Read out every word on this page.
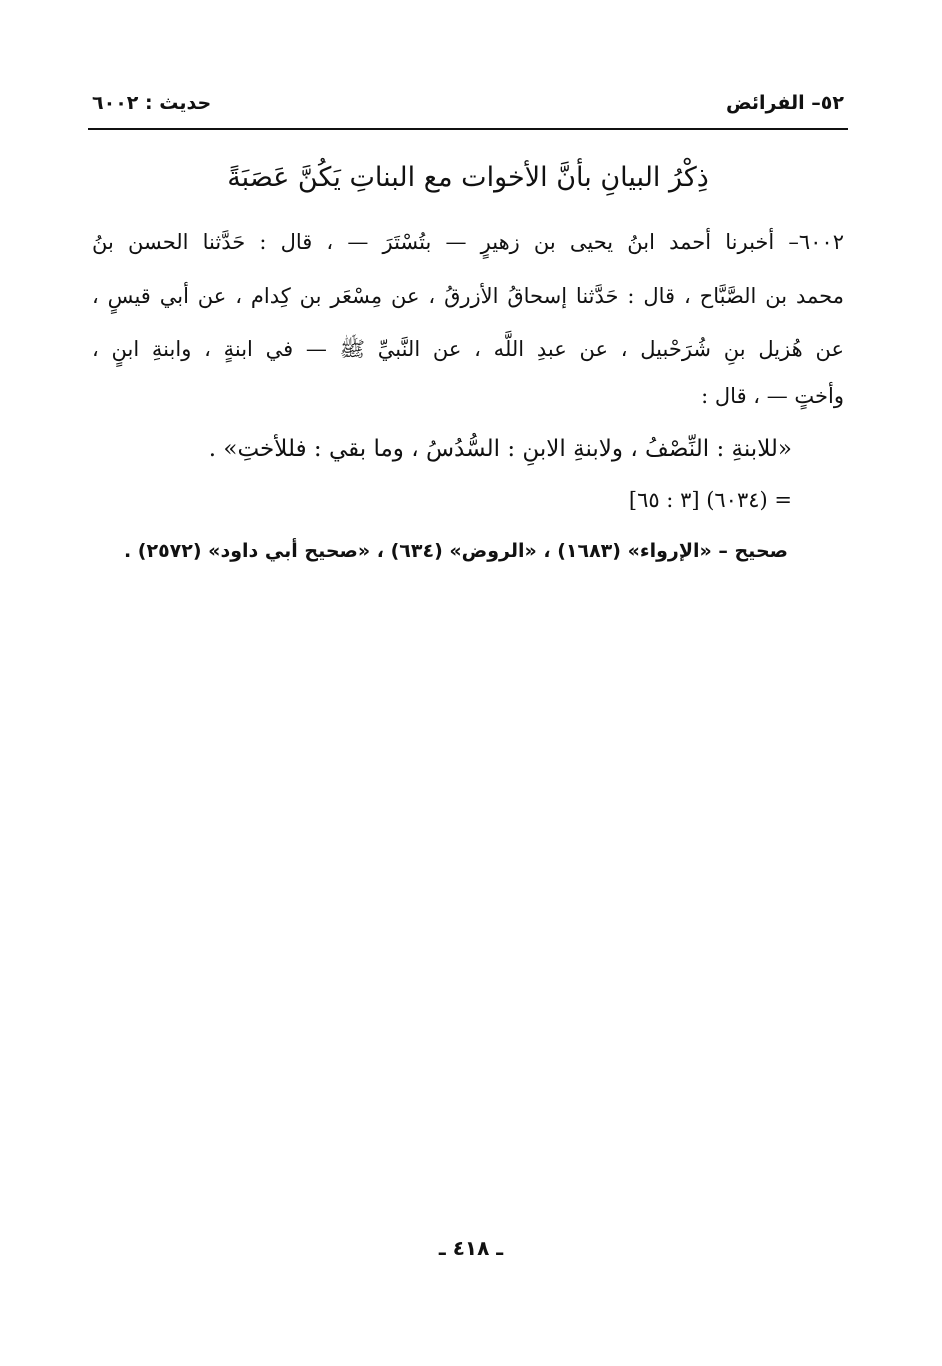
٥٢– الفرائض
حديث : ٦٠٠٢
ذِكْرُ البيانِ بأنَّ الأخوات مع البناتِ يَكُنَّ عَصَبَةً
٦٠٠٢– أخبرنا أحمد ابنُ يحيى بن زهيرٍ — بتُسْتَرَ — ، قال : حَدَّثنا الحسن بنُ
محمد بن الصَّبَّاح ، قال : حَدَّثنا إسحاقُ الأزرقُ ، عن مِسْعَر بن كِدام ، عن أبي قيسٍ ،
عن هُزيل بنِ شُرَحْبيل ، عن عبدِ اللَّه ، عن النَّبيِّ ﷺ — في ابنةٍ ، وابنةِ ابنٍ ،
وأختٍ — ، قال :
«للابنةِ : النِّصْفُ ، ولابنةِ الابنِ : السُّدُسُ ، وما بقي : فللأختِ» .
= (٦٠٣٤) [٣ : ٦٥]
صحيح – «الإرواء» (١٦٨٣) ، «الروض» (٦٣٤) ، «صحيح أبي داود» (٢٥٧٢) .
ـ ٤١٨ ـ
